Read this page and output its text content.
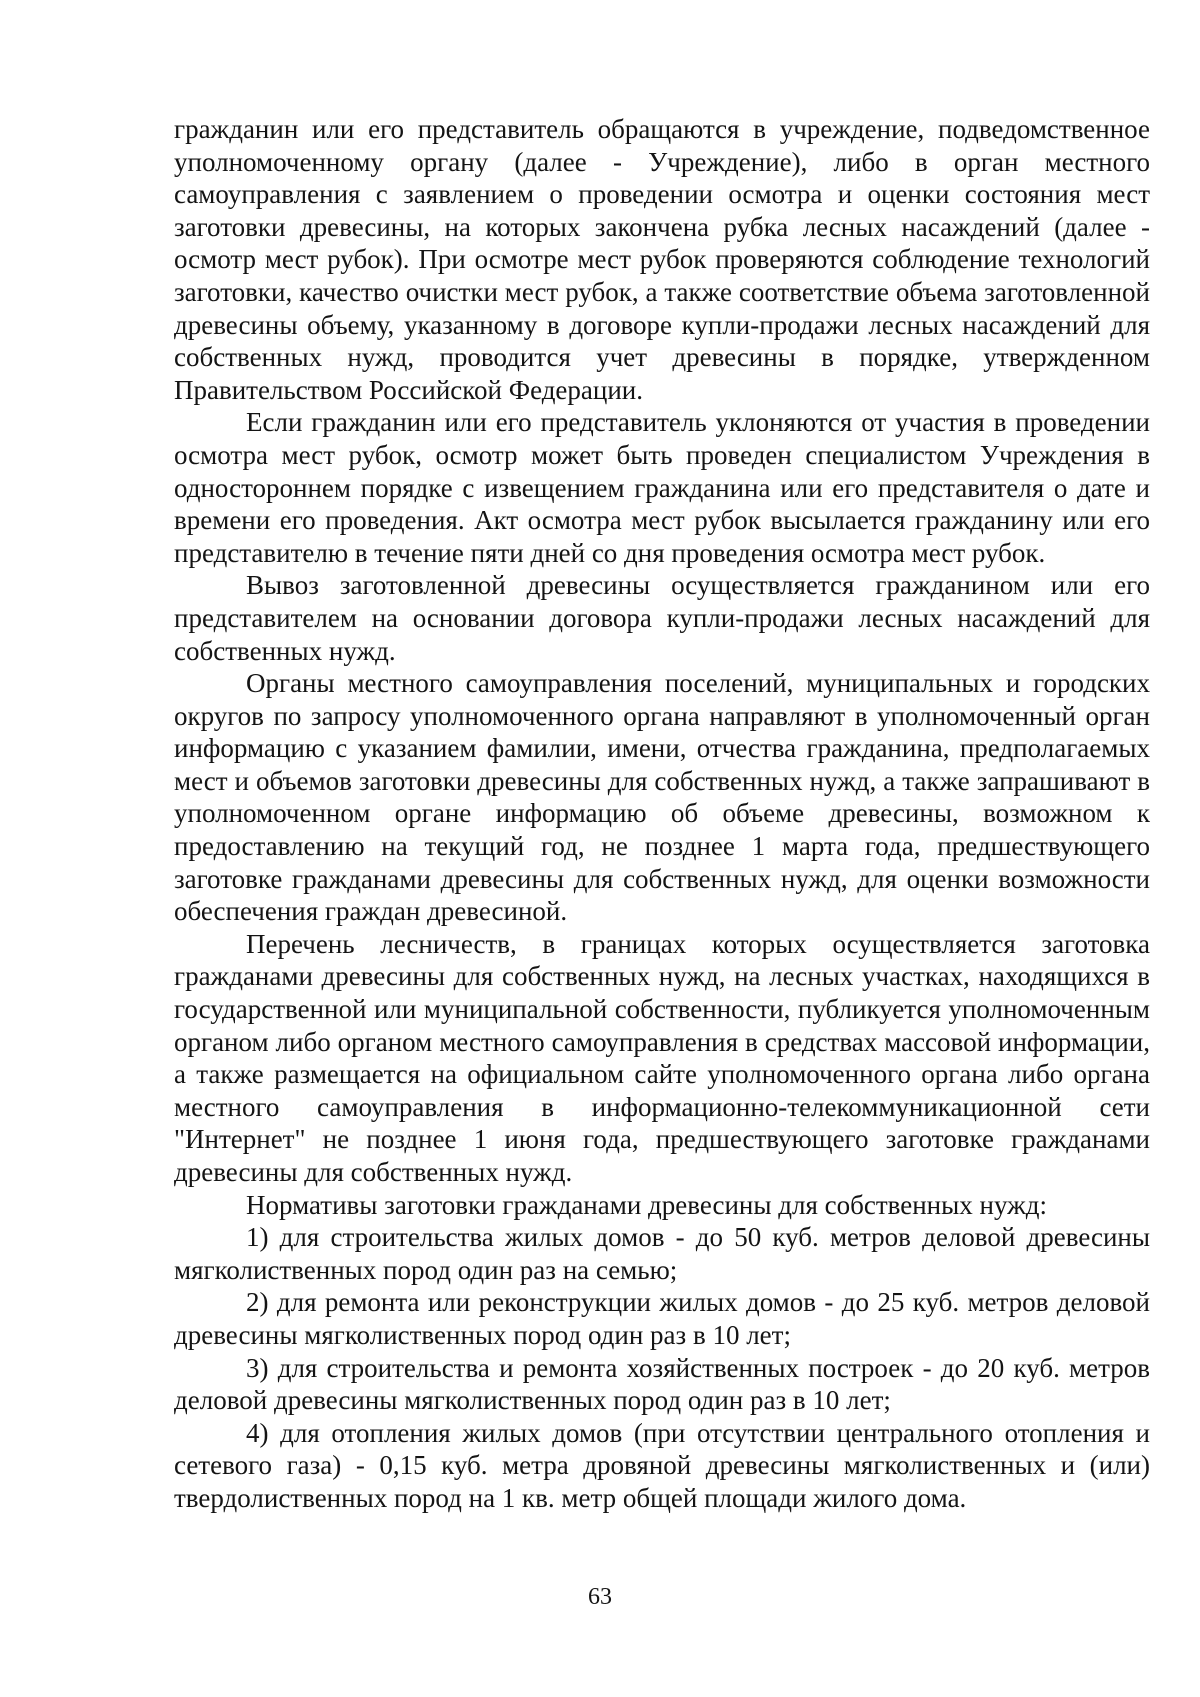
гражданин или его представитель обращаются в учреждение, подведомственное уполномоченному органу (далее - Учреждение), либо в орган местного самоуправления с заявлением о проведении осмотра и оценки состояния мест заготовки древесины, на которых закончена рубка лесных насаждений (далее - осмотр мест рубок). При осмотре мест рубок проверяются соблюдение технологий заготовки, качество очистки мест рубок, а также соответствие объема заготовленной древесины объему, указанному в договоре купли-продажи лесных насаждений для собственных нужд, проводится учет древесины в порядке, утвержденном Правительством Российской Федерации.

Если гражданин или его представитель уклоняются от участия в проведении осмотра мест рубок, осмотр может быть проведен специалистом Учреждения в одностороннем порядке с извещением гражданина или его представителя о дате и времени его проведения. Акт осмотра мест рубок высылается гражданину или его представителю в течение пяти дней со дня проведения осмотра мест рубок.

Вывоз заготовленной древесины осуществляется гражданином или его представителем на основании договора купли-продажи лесных насаждений для собственных нужд.

Органы местного самоуправления поселений, муниципальных и городских округов по запросу уполномоченного органа направляют в уполномоченный орган информацию с указанием фамилии, имени, отчества гражданина, предполагаемых мест и объемов заготовки древесины для собственных нужд, а также запрашивают в уполномоченном органе информацию об объеме древесины, возможном к предоставлению на текущий год, не позднее 1 марта года, предшествующего заготовке гражданами древесины для собственных нужд, для оценки возможности обеспечения граждан древесиной.

Перечень лесничеств, в границах которых осуществляется заготовка гражданами древесины для собственных нужд, на лесных участках, находящихся в государственной или муниципальной собственности, публикуется уполномоченным органом либо органом местного самоуправления в средствах массовой информации, а также размещается на официальном сайте уполномоченного органа либо органа местного самоуправления в информационно-телекоммуникационной сети "Интернет" не позднее 1 июня года, предшествующего заготовке гражданами древесины для собственных нужд.

Нормативы заготовки гражданами древесины для собственных нужд:

1) для строительства жилых домов - до 50 куб. метров деловой древесины мягколиственных пород один раз на семью;

2) для ремонта или реконструкции жилых домов - до 25 куб. метров деловой древесины мягколиственных пород один раз в 10 лет;

3) для строительства и ремонта хозяйственных построек - до 20 куб. метров деловой древесины мягколиственных пород один раз в 10 лет;

4) для отопления жилых домов (при отсутствии центрального отопления и сетевого газа) - 0,15 куб. метра дровяной древесины мягколиственных и (или) твердолиственных пород на 1 кв. метр общей площади жилого дома.

63
